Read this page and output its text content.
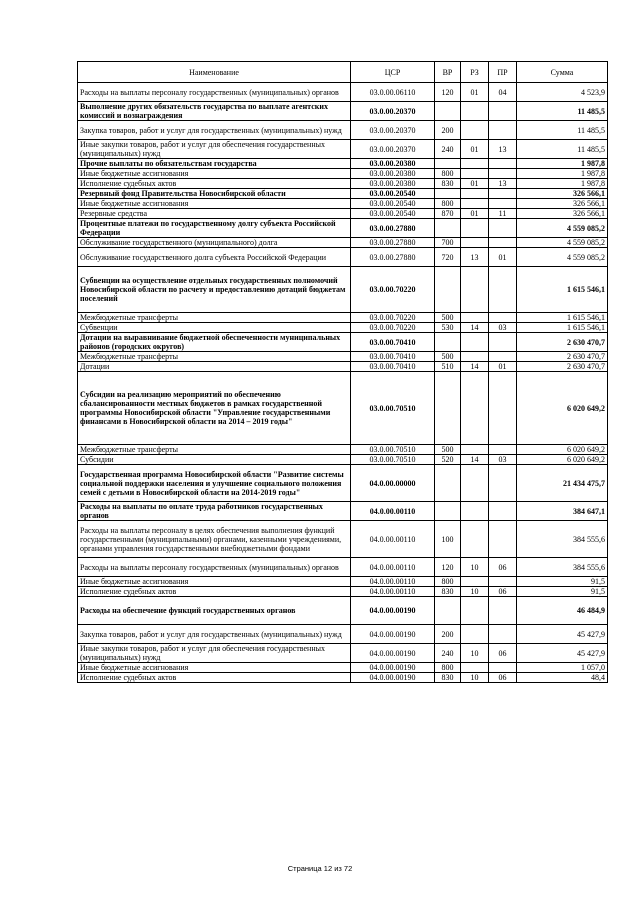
Наименование	ЦСР	ВР	РЗ	ПР	Сумма
Расходы на выплаты персоналу государственных (муниципальных) органов	03.0.00.06110	120	01	04	4 523,9
Выполнение других обязательств государства по выплате агентских комиссий и вознаграждения	03.0.00.20370				11 485,5
Закупка товаров, работ и услуг для государственных (муниципальных) нужд	03.0.00.20370	200			11 485,5
Иные закупки товаров, работ и услуг для обеспечения государственных (муниципальных) нужд	03.0.00.20370	240	01	13	11 485,5
Прочие выплаты по обязательствам государства	03.0.00.20380				1 987,8
Иные бюджетные ассигнования	03.0.00.20380	800			1 987,8
Исполнение судебных актов	03.0.00.20380	830	01	13	1 987,8
Резервный фонд Правительства Новосибирской области	03.0.00.20540				326 566,1
Иные бюджетные ассигнования	03.0.00.20540	800			326 566,1
Резервные средства	03.0.00.20540	870	01	11	326 566,1
Процентные платежи по государственному долгу субъекта Российской Федерации	03.0.00.27880				4 559 085,2
Обслуживание государственного (муниципального) долга	03.0.00.27880	700			4 559 085,2
Обслуживание государственного долга субъекта Российской Федерации	03.0.00.27880	720	13	01	4 559 085,2
Субвенции на осуществление отдельных государственных полномочий Новосибирской области по расчету и предоставлению дотаций бюджетам поселений	03.0.00.70220				1 615 546,1
Межбюджетные трансферты	03.0.00.70220	500			1 615 546,1
Субвенции	03.0.00.70220	530	14	03	1 615 546,1
Дотации на выравнивание бюджетной обеспеченности муниципальных районов (городских округов)	03.0.00.70410				2 630 470,7
Межбюджетные трансферты	03.0.00.70410	500			2 630 470,7
Дотации	03.0.00.70410	510	14	01	2 630 470,7
Субсидии на реализацию мероприятий по обеспечению сбалансированности местных бюджетов в рамках государственной программы Новосибирской области "Управление государственными финансами в Новосибирской области на 2014 – 2019 годы"	03.0.00.70510				6 020 649,2
Межбюджетные трансферты	03.0.00.70510	500			6 020 649,2
Субсидии	03.0.00.70510	520	14	03	6 020 649,2
Государственная программа Новосибирской области "Развитие системы социальной поддержки населения и улучшение социального положения семей с детьми в Новосибирской области на 2014-2019 годы"	04.0.00.00000				21 434 475,7
Расходы на выплаты по оплате труда работников государственных органов	04.0.00.00110				384 647,1
Расходы на выплаты персоналу в целях обеспечения выполнения функций государственными (муниципальными) органами, казенными учреждениями, органами управления государственными внебюджетными фондами	04.0.00.00110	100			384 555,6
Расходы на выплаты персоналу государственных (муниципальных) органов	04.0.00.00110	120	10	06	384 555,6
Иные бюджетные ассигнования	04.0.00.00110	800			91,5
Исполнение судебных актов	04.0.00.00110	830	10	06	91,5
Расходы на обеспечение функций государственных органов	04.0.00.00190				46 484,9
Закупка товаров, работ и услуг для государственных (муниципальных) нужд	04.0.00.00190	200			45 427,9
Иные закупки товаров, работ и услуг для обеспечения государственных (муниципальных) нужд	04.0.00.00190	240	10	06	45 427,9
Иные бюджетные ассигнования	04.0.00.00190	800			1 057,0
Исполнение судебных актов	04.0.00.00190	830	10	06	48,4
Страница 12 из 72
